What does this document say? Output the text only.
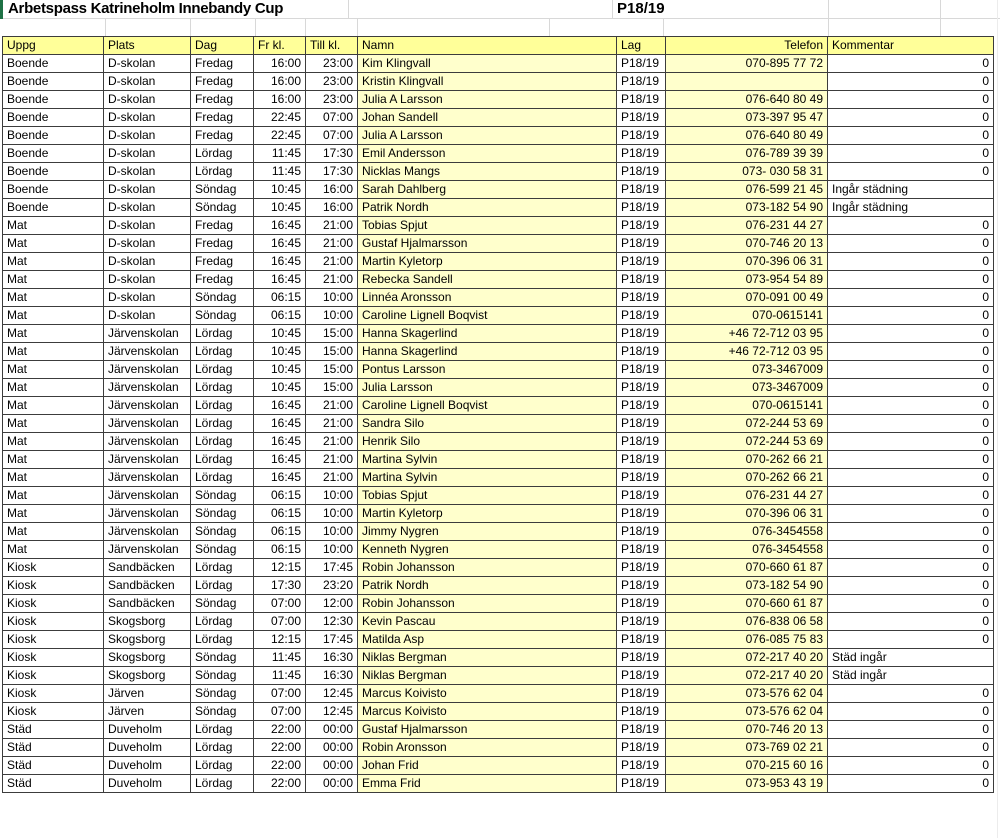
Arbetspass Katrineholm Innebandy Cup	P18/19
Uppg	Plats	Dag	Fr kl.	Till kl.	Namn	Lag	Telefon	Kommentar
Boende	D-skolan	Fredag	16:00	23:00	Kim Klingvall	P18/19	070-895 77 72	0
Boende	D-skolan	Fredag	16:00	23:00	Kristin Klingvall	P18/19		0
Boende	D-skolan	Fredag	16:00	23:00	Julia A Larsson	P18/19	076-640 80 49	0
Boende	D-skolan	Fredag	22:45	07:00	Johan Sandell	P18/19	073-397 95 47	0
Boende	D-skolan	Fredag	22:45	07:00	Julia A Larsson	P18/19	076-640 80 49	0
Boende	D-skolan	Lördag	11:45	17:30	Emil Andersson	P18/19	076-789 39 39	0
Boende	D-skolan	Lördag	11:45	17:30	Nicklas Mangs	P18/19	073- 030 58 31	0
Boende	D-skolan	Söndag	10:45	16:00	Sarah Dahlberg	P18/19	076-599 21 45	Ingår städning
Boende	D-skolan	Söndag	10:45	16:00	Patrik Nordh	P18/19	073-182 54 90	Ingår städning
Mat	D-skolan	Fredag	16:45	21:00	Tobias Spjut	P18/19	076-231 44 27	0
Mat	D-skolan	Fredag	16:45	21:00	Gustaf Hjalmarsson	P18/19	070-746 20 13	0
Mat	D-skolan	Fredag	16:45	21:00	Martin Kyletorp	P18/19	070-396 06 31	0
Mat	D-skolan	Fredag	16:45	21:00	Rebecka Sandell	P18/19	073-954 54 89	0
Mat	D-skolan	Söndag	06:15	10:00	Linnéa Aronsson	P18/19	070-091 00 49	0
Mat	D-skolan	Söndag	06:15	10:00	Caroline Lignell Boqvist	P18/19	070-0615141	0
Mat	Järvenskolan	Lördag	10:45	15:00	Hanna Skagerlind	P18/19	+46 72-712 03 95	0
Mat	Järvenskolan	Lördag	10:45	15:00	Hanna Skagerlind	P18/19	+46 72-712 03 95	0
Mat	Järvenskolan	Lördag	10:45	15:00	Pontus Larsson	P18/19	073-3467009	0
Mat	Järvenskolan	Lördag	10:45	15:00	Julia Larsson	P18/19	073-3467009	0
Mat	Järvenskolan	Lördag	16:45	21:00	Caroline Lignell Boqvist	P18/19	070-0615141	0
Mat	Järvenskolan	Lördag	16:45	21:00	Sandra Silo	P18/19	072-244 53 69	0
Mat	Järvenskolan	Lördag	16:45	21:00	Henrik Silo	P18/19	072-244 53 69	0
Mat	Järvenskolan	Lördag	16:45	21:00	Martina Sylvin	P18/19	070-262 66 21	0
Mat	Järvenskolan	Lördag	16:45	21:00	Martina Sylvin	P18/19	070-262 66 21	0
Mat	Järvenskolan	Söndag	06:15	10:00	Tobias Spjut	P18/19	076-231 44 27	0
Mat	Järvenskolan	Söndag	06:15	10:00	Martin Kyletorp	P18/19	070-396 06 31	0
Mat	Järvenskolan	Söndag	06:15	10:00	Jimmy Nygren	P18/19	076-3454558	0
Mat	Järvenskolan	Söndag	06:15	10:00	Kenneth Nygren	P18/19	076-3454558	0
Kiosk	Sandbäcken	Lördag	12:15	17:45	Robin Johansson	P18/19	070-660 61 87	0
Kiosk	Sandbäcken	Lördag	17:30	23:20	Patrik Nordh	P18/19	073-182 54 90	0
Kiosk	Sandbäcken	Söndag	07:00	12:00	Robin Johansson	P18/19	070-660 61 87	0
Kiosk	Skogsborg	Lördag	07:00	12:30	Kevin Pascau	P18/19	076-838 06 58	0
Kiosk	Skogsborg	Lördag	12:15	17:45	Matilda Asp	P18/19	076-085 75 83	0
Kiosk	Skogsborg	Söndag	11:45	16:30	Niklas Bergman	P18/19	072-217 40 20	Städ ingår
Kiosk	Skogsborg	Söndag	11:45	16:30	Niklas Bergman	P18/19	072-217 40 20	Städ ingår
Kiosk	Järven	Söndag	07:00	12:45	Marcus Koivisto	P18/19	073-576 62 04	0
Kiosk	Järven	Söndag	07:00	12:45	Marcus Koivisto	P18/19	073-576 62 04	0
Städ	Duveholm	Lördag	22:00	00:00	Gustaf Hjalmarsson	P18/19	070-746 20 13	0
Städ	Duveholm	Lördag	22:00	00:00	Robin Aronsson	P18/19	073-769 02 21	0
Städ	Duveholm	Lördag	22:00	00:00	Johan Frid	P18/19	070-215 60 16	0
Städ	Duveholm	Lördag	22:00	00:00	Emma Frid	P18/19	073-953 43 19	0
